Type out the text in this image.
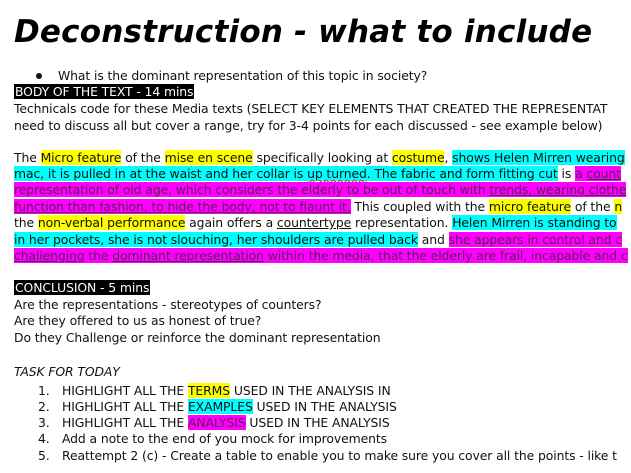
Deconstruction - what to include
What is the dominant representation of this topic in society?
BODY OF THE TEXT - 14 mins
Technicals code for these Media texts (SELECT KEY ELEMENTS THAT CREATED THE REPRESENTAT
need to discuss all but cover a range, try for 3-4 points for each discussed - see example below)
The Micro feature of the mise en scene specifically looking at costume, shows Helen Mirren wearing
mac, it is pulled in at the waist and her collar is up turned. The fabric and form fitting cut is a count
representation of old age, which considers the elderly to be out of touch with trends, wearing clothe
function than fashion, to hide the body, not to flaunt it. This coupled with the micro feature of the n
the non-verbal performance again offers a countertype representation. Helen Mirren is standing to
in her pockets, she is not slouching, her shoulders are pulled back and she appears in control and c
challenging the dominant representation within the media, that the elderly are frail, incapable and c
CONCLUSION - 5 mins
Are the representations - stereotypes of counters?
Are they offered to us as honest of true?
Do they Challenge or reinforce the dominant representation
TASK FOR TODAY
1. HIGHLIGHT ALL THE TERMS USED IN THE ANALYSIS IN
2. HIGHLIGHT ALL THE EXAMPLES USED IN THE ANALYSIS
3. HIGHLIGHT ALL THE ANALYSIS USED IN THE ANALYSIS
4. Add a note to the end of you mock for improvements
5. Reattempt 2 (c) - Create a table to enable you to make sure you cover all the points - like t
